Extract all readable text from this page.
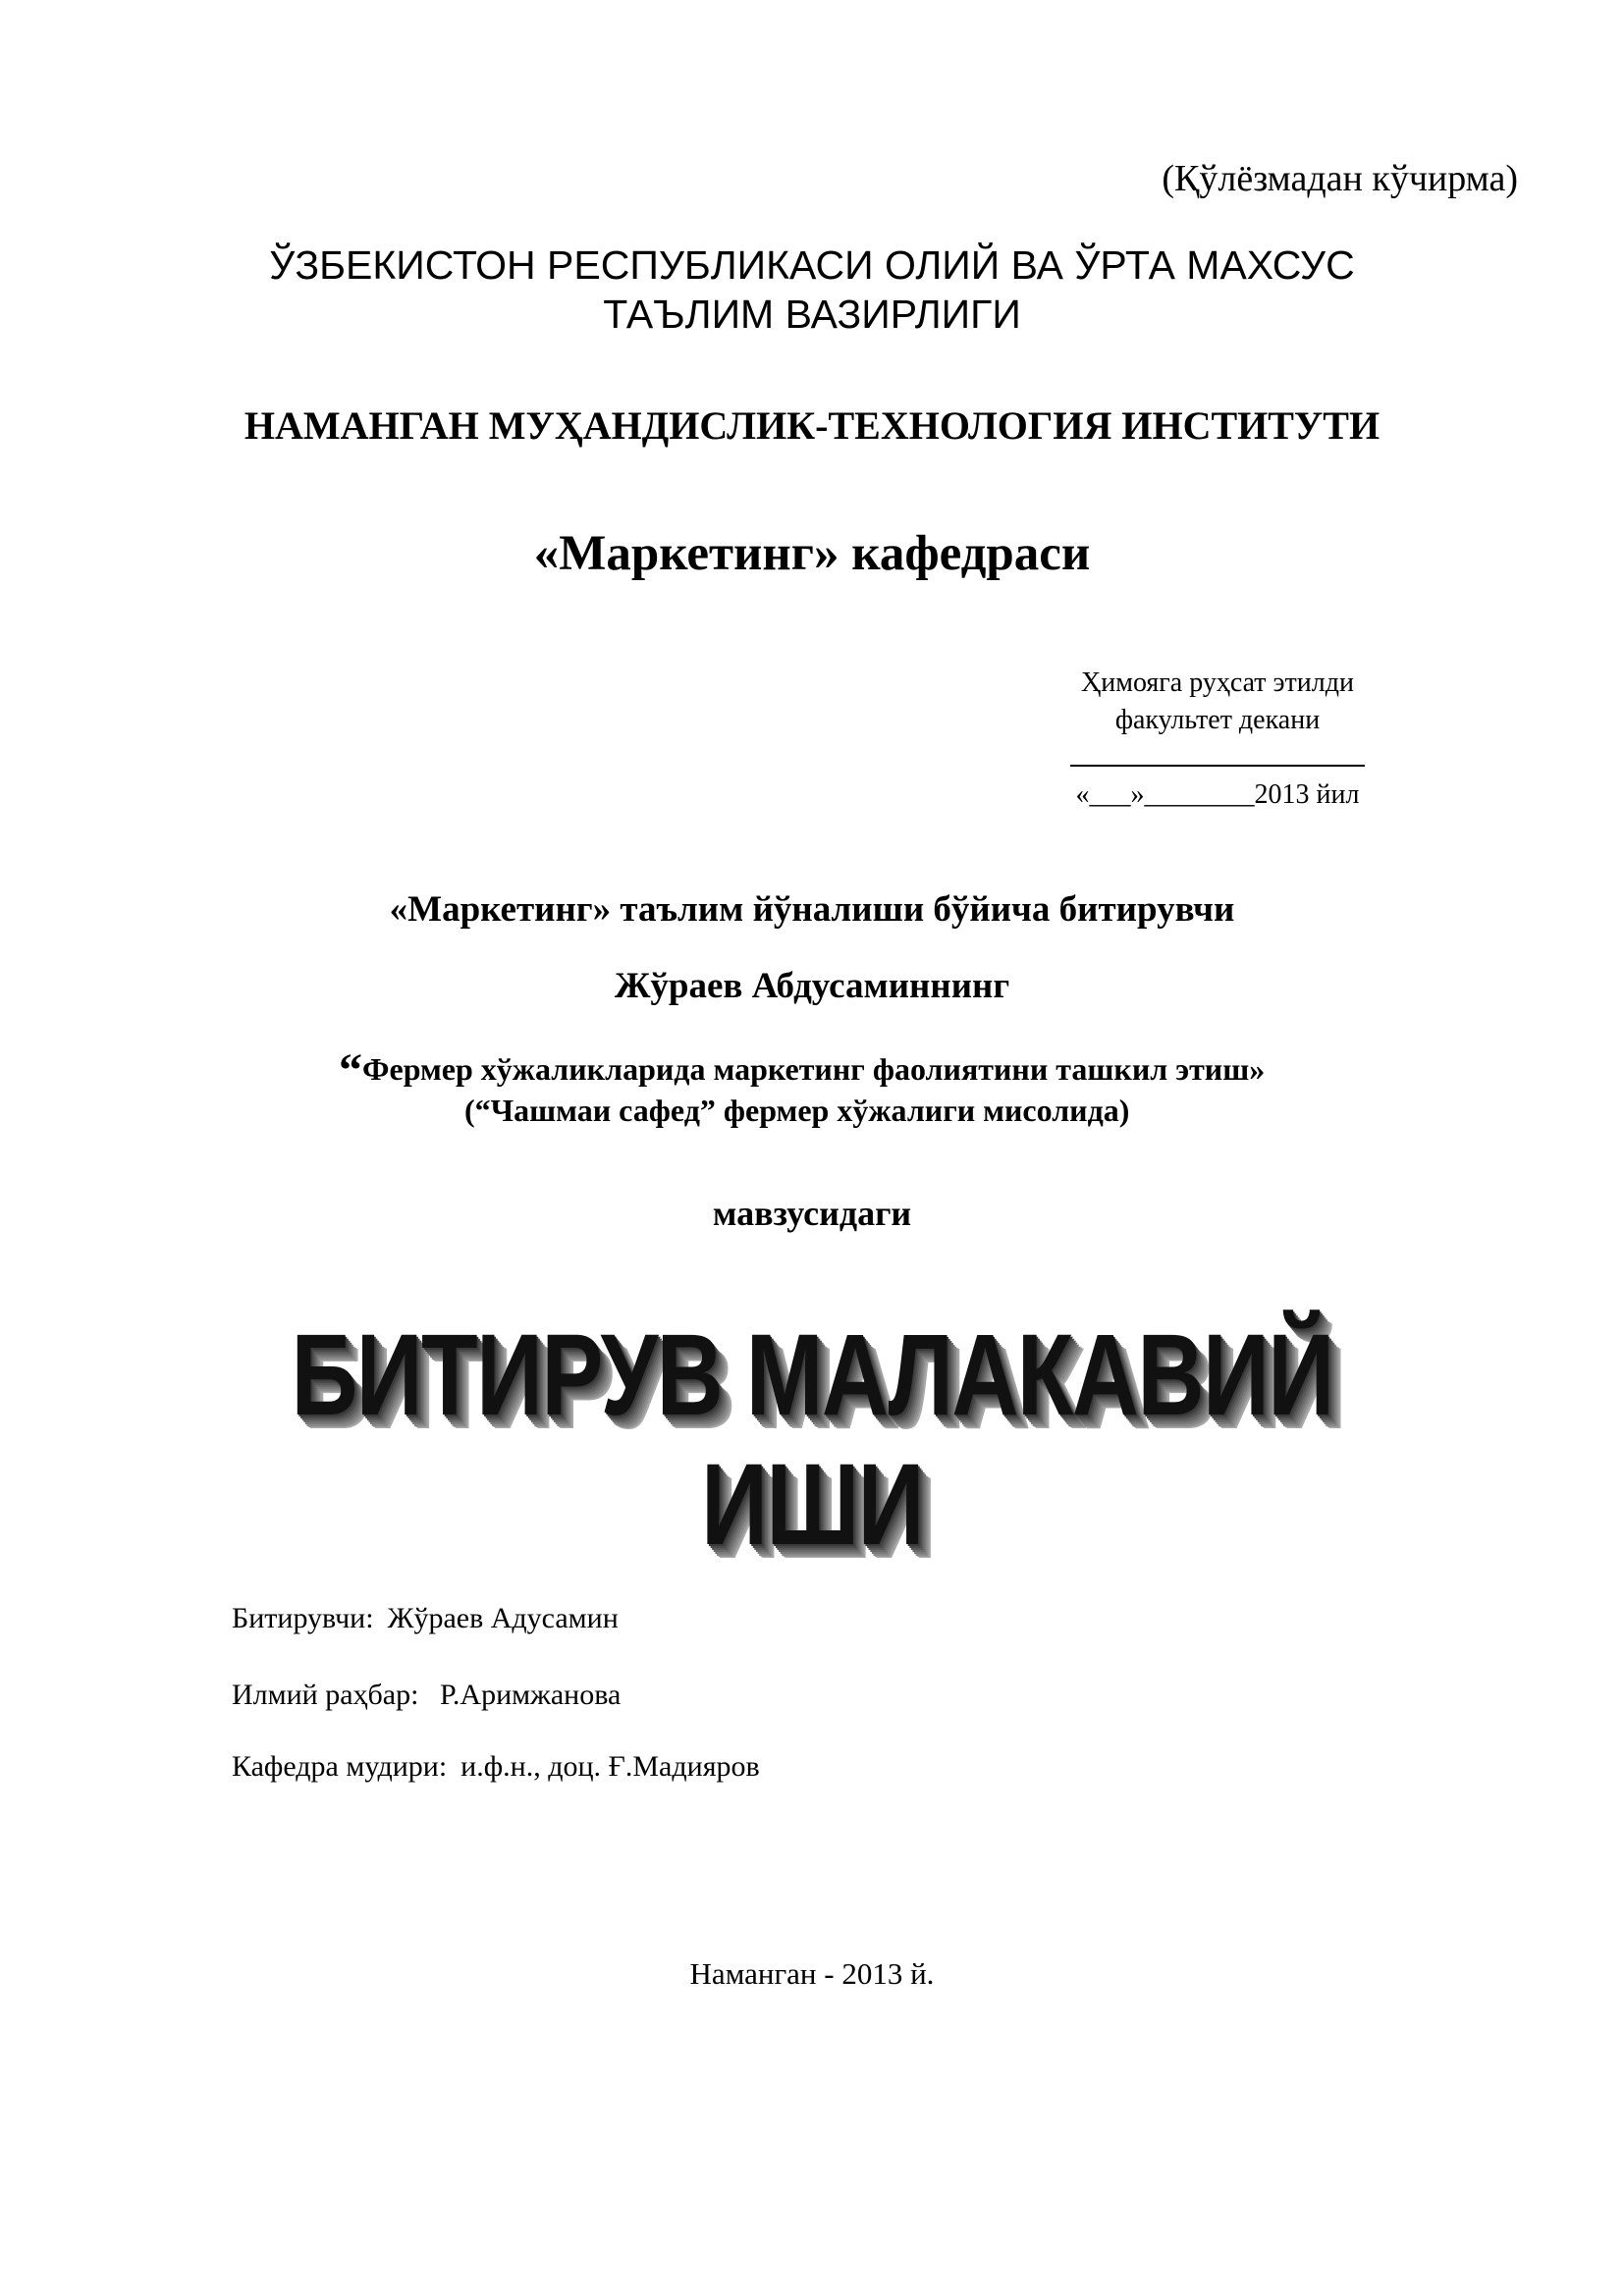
(Қўлёзмадан кўчирма)
ЎЗБЕКИСТОН РЕСПУБЛИКАСИ ОЛИЙ ВА ЎРТА МАХСУС
ТАЪЛИМ ВАЗИРЛИГИ
НАМАНГАН МУҲАНДИСЛИК-ТЕХНОЛОГИЯ ИНСТИТУТИ
«Маркетинг» кафедраси
Ҳимояга руҳсат этилди
факультет декани
«___»________2013 йил
«Маркетинг» таълим йўналиши бўйича битирувчи
Жўраев Абдусаминнинг
“Фермер хўжаликларида маркетинг фаолиятини ташкил этиш»
(“Чашмаи сафед” фермер хўжалиги мисолида)
мавзусидаги
БИТИРУВ МАЛАКАВИЙ
ИШИ
Битирувчи: Жўраев Адусамин
Илмий раҳбар: Р.Аримжанова
Кафедра мудири: и.ф.н., доц. Ғ.Мадияров
Наманган - 2013 й.
